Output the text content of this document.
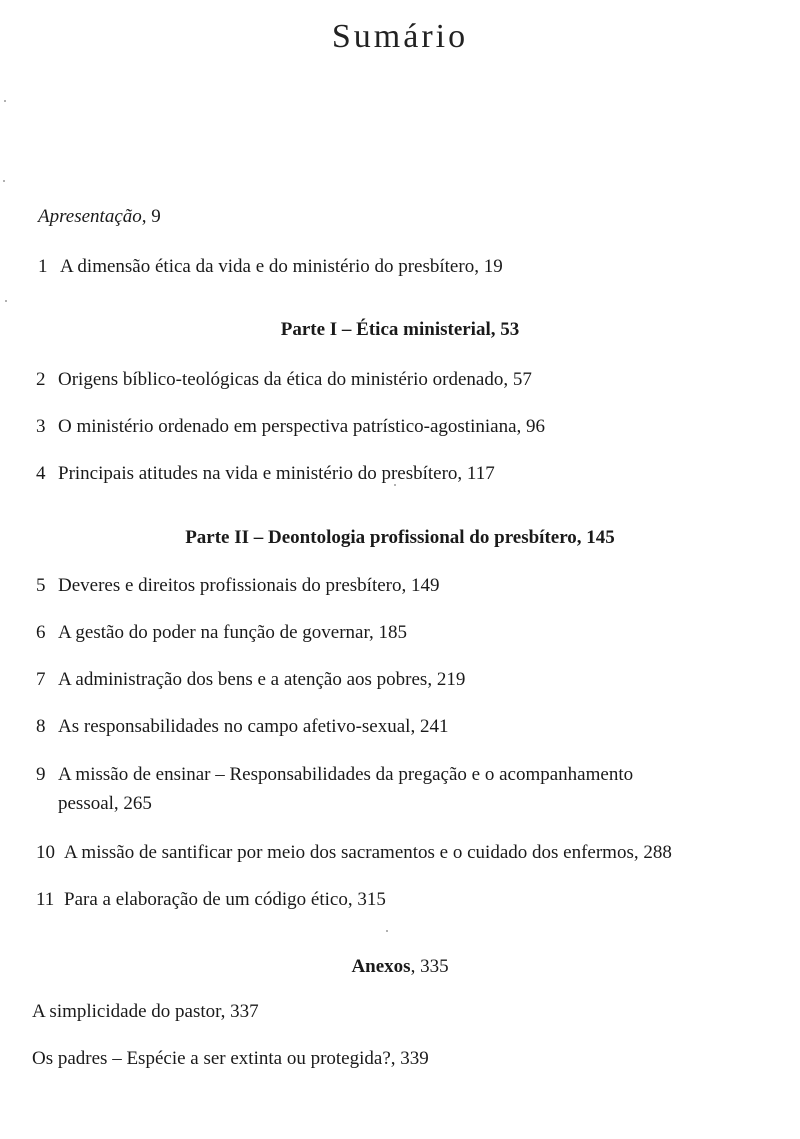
Sumário
Apresentação, 9
1 A dimensão ética da vida e do ministério do presbítero, 19
Parte I – Ética ministerial, 53
2 Origens bíblico-teológicas da ética do ministério ordenado, 57
3 O ministério ordenado em perspectiva patrístico-agostiniana, 96
4 Principais atitudes na vida e ministério do presbítero, 117
Parte II – Deontologia profissional do presbítero, 145
5 Deveres e direitos profissionais do presbítero, 149
6 A gestão do poder na função de governar, 185
7 A administração dos bens e a atenção aos pobres, 219
8 As responsabilidades no campo afetivo-sexual, 241
9 A missão de ensinar – Responsabilidades da pregação e o acompanhamento
pessoal, 265
10 A missão de santificar por meio dos sacramentos e o cuidado dos enfermos, 288
11 Para a elaboração de um código ético, 315
Anexos, 335
A simplicidade do pastor, 337
Os padres – Espécie a ser extinta ou protegida?, 339
